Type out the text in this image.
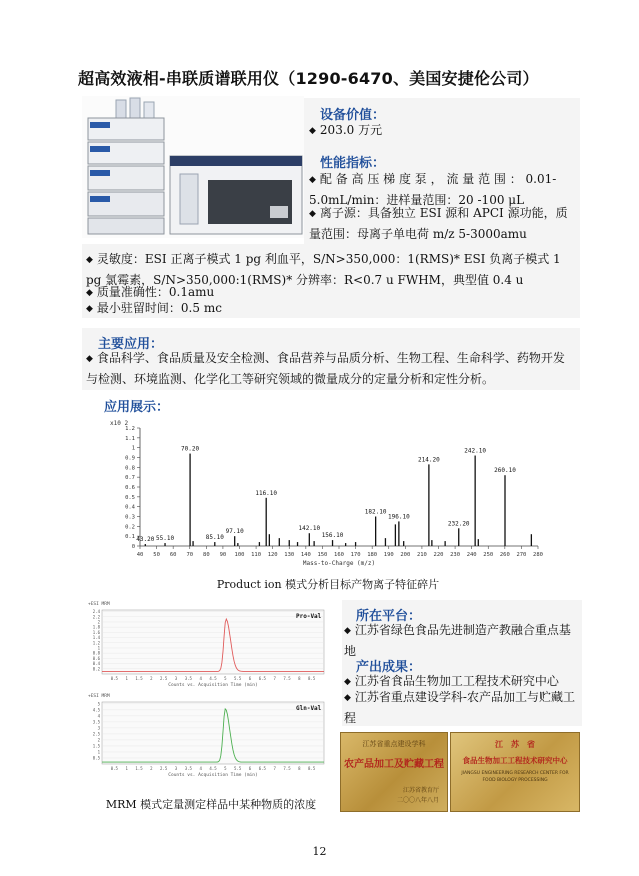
超高效液相-串联质谱联用仪（1290-6470、美国安捷伦公司）
设备价值：
◆ 203.0 万元
性能指标：
◆ 配 备 高 压 梯 度 泵 ， 流 量 范 围 ： 0.01-5.0mL/min：进样量范围：20 -100 μL
◆ 离子源：具备独立 ESI 源和 APCI 源功能，质量范围：母离子单电荷 m/z 5-3000amu
◆ 灵敏度：ESI 正离子模式 1 pg 利血平，S/N>350,000：1(RMS)* ESI 负离子模式 1 pg 氯霉素，S/N>350,000:1(RMS)* 分辨率：R<0.7 u FWHM，典型值 0.4 u
◆ 质量准确性：0.1amu
◆ 最小驻留时间：0.5 mc
主要应用：
◆ 食品科学、食品质量及安全检测、食品营养与品质分析、生物工程、生命科学、药物开发与检测、环境监测、化学化工等研究领域的微量成分的定量分析和定性分析。
应用展示：
x10 2
0
0.1
0.2
0.3
0.4
0.5
0.6
0.7
0.8
0.9
1
1.1
1.2
40 50 60 70 80 90 100 110 120 130 140 150 160 170 180 190 200 210 220 230 240 250 260 270 280
43.20 55.10
70.20
85.10
97.10
116.10
142.10
156.10
182.10
196.10
214.20
232.20
242.10
260.10
Mass-to-Charge (m/z)
Product ion 模式分析目标产物离子特征碎片
+ESI MRM
0.2
0.4
0.6
0.8
1
1.2
1.4
1.6
1.8
2
2.2
2.4
0.5 1 1.5 2 2.5 3 3.5 4 4.5 5 5.5 6 6.5 7 7.5 8 8.5
Counts vs. Acquisition Time (min)
Pro-Val
+ESI MRM
0.5
1
1.5
2
2.5
3
3.5
4
4.5
5
0.5 1 1.5 2 2.5 3 3.5 4 4.5 5 5.5 6 6.5 7 7.5 8 8.5
Counts vs. Acquisition Time (min)
Gln-Val
MRM 模式定量测定样品中某种物质的浓度
所在平台：
◆ 江苏省绿色食品先进制造产教融合重点基地
产出成果：
◆ 江苏省食品生物加工工程技术研究中心
◆ 江苏省重点建设学科-农产品加工与贮藏工程
江苏省重点建设学科
农产品加工及贮藏工程
江苏省教育厅
二〇〇八年八月
江　苏　省
食品生物加工工程技术研究中心
JIANGSU ENGINEERING RESEARCH CENTER FOR
FOOD BIOLOGY PROCESSING
12
